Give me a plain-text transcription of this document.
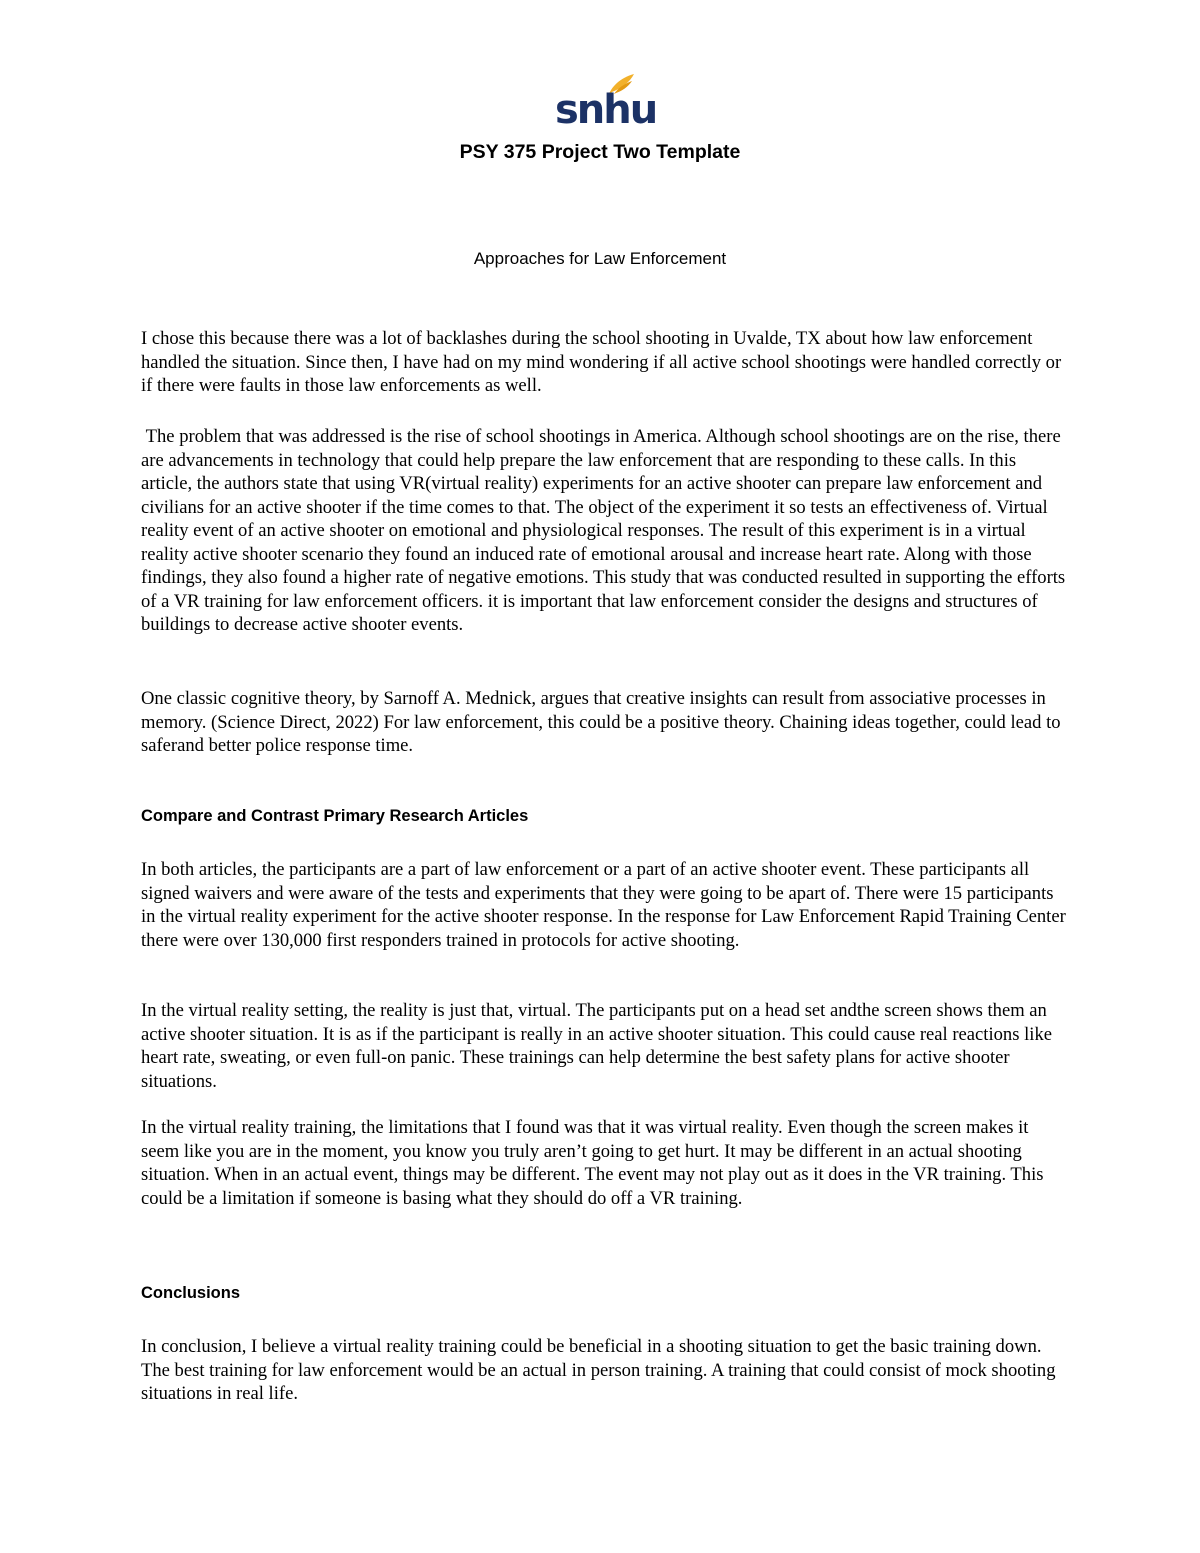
snhu
PSY 375 Project Two Template
Approaches for Law Enforcement

I chose this because there was a lot of backlashes during the school shooting in Uvalde, TX about how law enforcement handled the situation. Since then, I have had on my mind wondering if all active school shootings were handled correctly or if there were faults in those law enforcements as well.

The problem that was addressed is the rise of school shootings in America. Although school shootings are on the rise, there are advancements in technology that could help prepare the law enforcement that are responding to these calls. In this article, the authors state that using VR(virtual reality) experiments for an active shooter can prepare law enforcement and civilians for an active shooter if the time comes to that. The object of the experiment it so tests an effectiveness of. Virtual reality event of an active shooter on emotional and physiological responses. The result of this experiment is in a virtual reality active shooter scenario they found an induced rate of emotional arousal and increase heart rate. Along with those findings, they also found a higher rate of negative emotions. This study that was conducted resulted in supporting the efforts of a VR training for law enforcement officers. it is important that law enforcement consider the designs and structures of buildings to decrease active shooter events.

One classic cognitive theory, by Sarnoff A. Mednick, argues that creative insights can result from associative processes in memory. (Science Direct, 2022) For law enforcement, this could be a positive theory. Chaining ideas together, could lead to saferand better police response time.

Compare and Contrast Primary Research Articles

In both articles, the participants are a part of law enforcement or a part of an active shooter event. These participants all signed waivers and were aware of the tests and experiments that they were going to be apart of. There were 15 participants in the virtual reality experiment for the active shooter response. In the response for Law Enforcement Rapid Training Center there were over 130,000 first responders trained in protocols for active shooting.

In the virtual reality setting, the reality is just that, virtual. The participants put on a head set andthe screen shows them an active shooter situation. It is as if the participant is really in an active shooter situation. This could cause real reactions like heart rate, sweating, or even full-on panic. These trainings can help determine the best safety plans for active shooter situations.

In the virtual reality training, the limitations that I found was that it was virtual reality. Even though the screen makes it seem like you are in the moment, you know you truly aren’t going to get hurt. It may be different in an actual shooting situation. When in an actual event, things may be different. The event may not play out as it does in the VR training. This could be a limitation if someone is basing what they should do off a VR training.

Conclusions

In conclusion, I believe a virtual reality training could be beneficial in a shooting situation to get the basic training down. The best training for law enforcement would be an actual in person training. A training that could consist of mock shooting situations in real life.
